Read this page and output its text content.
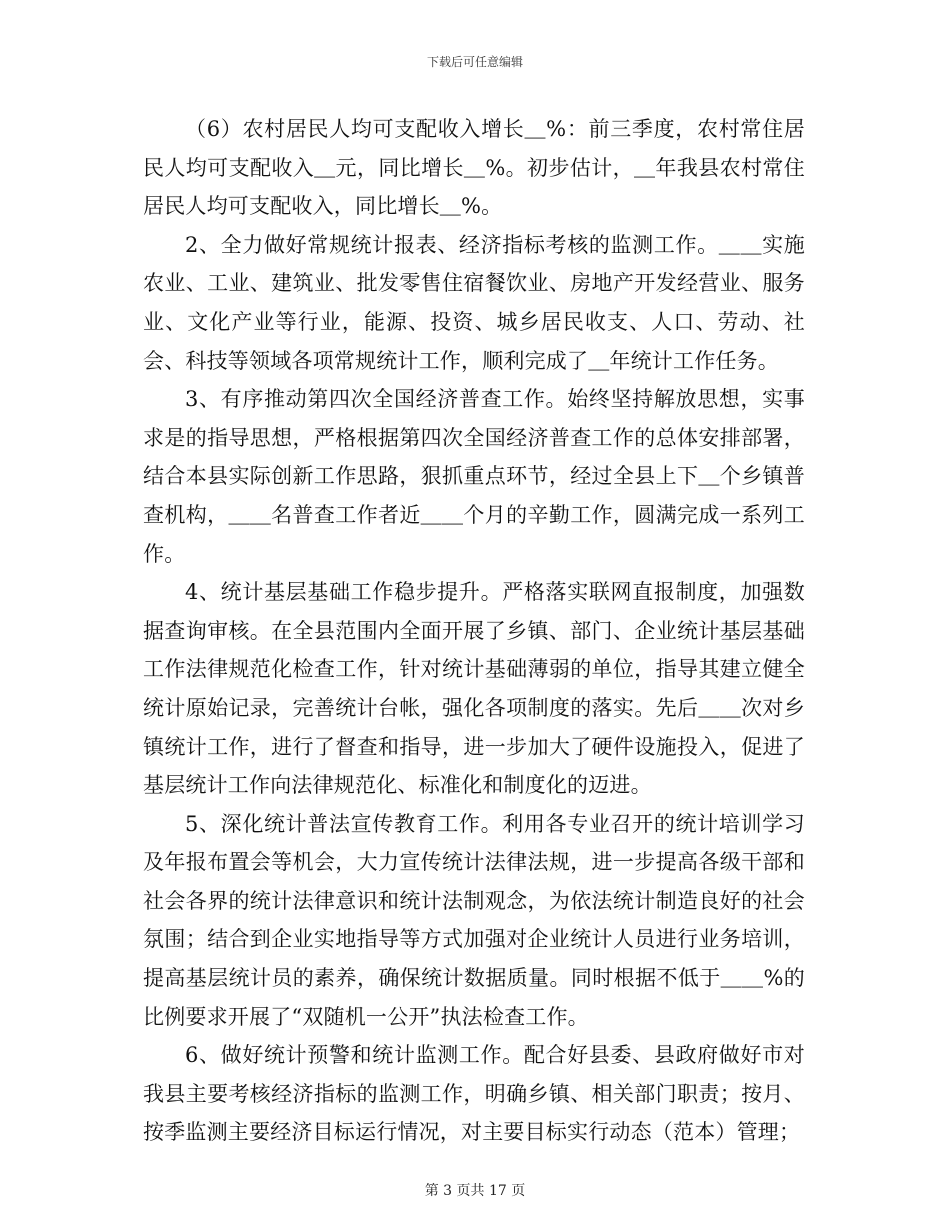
下载后可任意编辑

（6）农村居民人均可支配收入增长＿%：前三季度，农村常住居民人均可支配收入＿元，同比增长＿%。初步估计，＿年我县农村常住居民人均可支配收入，同比增长＿%。

2、全力做好常规统计报表、经济指标考核的监测工作。＿＿实施农业、工业、建筑业、批发零售住宿餐饮业、房地产开发经营业、服务业、文化产业等行业，能源、投资、城乡居民收支、人口、劳动、社会、科技等领域各项常规统计工作，顺利完成了＿年统计工作任务。

3、有序推动第四次全国经济普查工作。始终坚持解放思想，实事求是的指导思想，严格根据第四次全国经济普查工作的总体安排部署，结合本县实际创新工作思路，狠抓重点环节，经过全县上下＿个乡镇普查机构，＿＿名普查工作者近＿＿个月的辛勤工作，圆满完成一系列工作。

4、统计基层基础工作稳步提升。严格落实联网直报制度，加强数据查询审核。在全县范围内全面开展了乡镇、部门、企业统计基层基础工作法律规范化检查工作，针对统计基础薄弱的单位，指导其建立健全统计原始记录，完善统计台帐，强化各项制度的落实。先后＿＿次对乡镇统计工作，进行了督查和指导，进一步加大了硬件设施投入，促进了基层统计工作向法律规范化、标准化和制度化的迈进。

5、深化统计普法宣传教育工作。利用各专业召开的统计培训学习及年报布置会等机会，大力宣传统计法律法规，进一步提高各级干部和社会各界的统计法律意识和统计法制观念，为依法统计制造良好的社会氛围；结合到企业实地指导等方式加强对企业统计人员进行业务培训，提高基层统计员的素养，确保统计数据质量。同时根据不低于＿＿%的比例要求开展了“双随机一公开”执法检查工作。

6、做好统计预警和统计监测工作。配合好县委、县政府做好市对我县主要考核经济指标的监测工作，明确乡镇、相关部门职责；按月、按季监测主要经济目标运行情况，对主要目标实行动态（范本）管理；

第 3 页共 17 页
